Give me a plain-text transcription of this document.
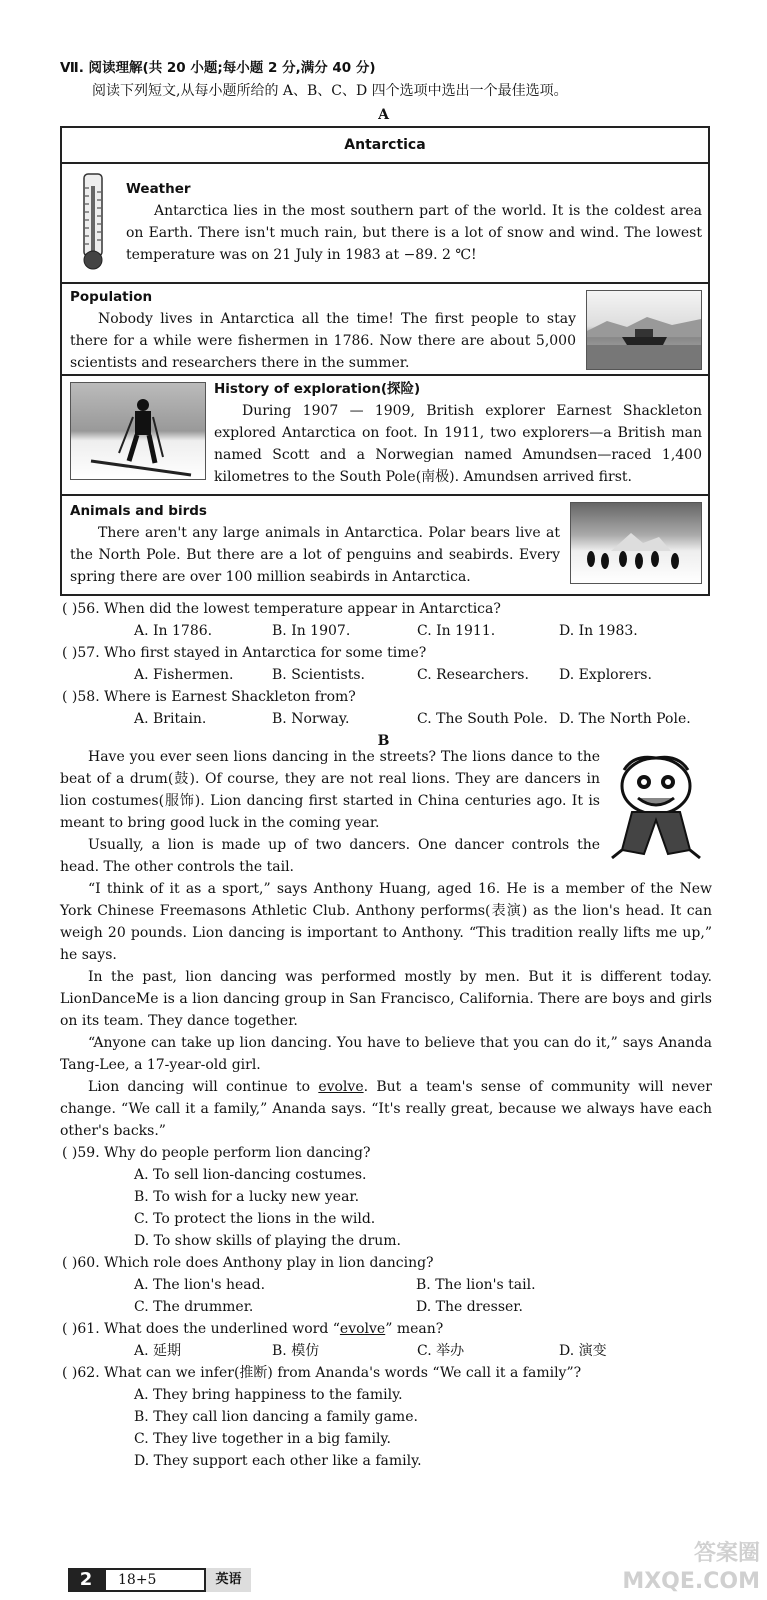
Ⅶ. 阅读理解(共 20 小题;每小题 2 分,满分 40 分)
阅读下列短文,从每小题所给的 A、B、C、D 四个选项中选出一个最佳选项。
A
Antarctica
Weather
Antarctica lies in the most southern part of the world. It is the coldest area on Earth. There isn't much rain, but there is a lot of snow and wind. The lowest temperature was on 21 July in 1983 at −89. 2 ℃!
Population
Nobody lives in Antarctica all the time! The first people to stay there for a while were fishermen in 1786. Now there are about 5,000 scientists and researchers there in the summer.
History of exploration(探险)
During 1907 — 1909, British explorer Earnest Shackleton explored Antarctica on foot. In 1911, two explorers—a British man named Scott and a Norwegian named Amundsen—raced 1,400 kilometres to the South Pole(南极). Amundsen arrived first.
Animals and birds
There aren't any large animals in Antarctica. Polar bears live at the North Pole. But there are a lot of penguins and seabirds. Every spring there are over 100 million seabirds in Antarctica.
( )56. When did the lowest temperature appear in Antarctica?
A. In 1786.	B. In 1907.	C. In 1911.	D. In 1983.
( )57. Who first stayed in Antarctica for some time?
A. Fishermen.	B. Scientists.	C. Researchers. D. Explorers.
( )58. Where is Earnest Shackleton from?
A. Britain.	B. Norway.	C. The South Pole. D. The North Pole.
B
Have you ever seen lions dancing in the streets? The lions dance to the beat of a drum(鼓). Of course, they are not real lions. They are dancers in lion costumes(服饰). Lion dancing first started in China centuries ago. It is meant to bring good luck in the coming year.
Usually, a lion is made up of two dancers. One dancer controls the head. The other controls the tail.
“I think of it as a sport,” says Anthony Huang, aged 16. He is a member of the New York Chinese Freemasons Athletic Club. Anthony performs(表演) as the lion's head. It can weigh 20 pounds. Lion dancing is important to Anthony. “This tradition really lifts me up,” he says.
In the past, lion dancing was performed mostly by men. But it is different today. LionDanceMe is a lion dancing group in San Francisco, California. There are boys and girls on its team. They dance together.
“Anyone can take up lion dancing. You have to believe that you can do it,” says Ananda Tang-Lee, a 17-year-old girl.
Lion dancing will continue to evolve. But a team's sense of community will never change. “We call it a family,” Ananda says. “It's really great, because we always have each other's backs.”
( )59. Why do people perform lion dancing?
A. To sell lion-dancing costumes.
B. To wish for a lucky new year.
C. To protect the lions in the wild.
D. To show skills of playing the drum.
( )60. Which role does Anthony play in lion dancing?
A. The lion's head.	B. The lion's tail.
C. The drummer.	D. The dresser.
( )61. What does the underlined word “evolve” mean?
A. 延期	B. 模仿	C. 举办	D. 演变
( )62. What can we infer(推断) from Ananda's words “We call it a family”?
A. They bring happiness to the family.
B. They call lion dancing a family game.
C. They live together in a big family.
D. They support each other like a family.
2	18+5	英语
答案圈 MXQE.COM
